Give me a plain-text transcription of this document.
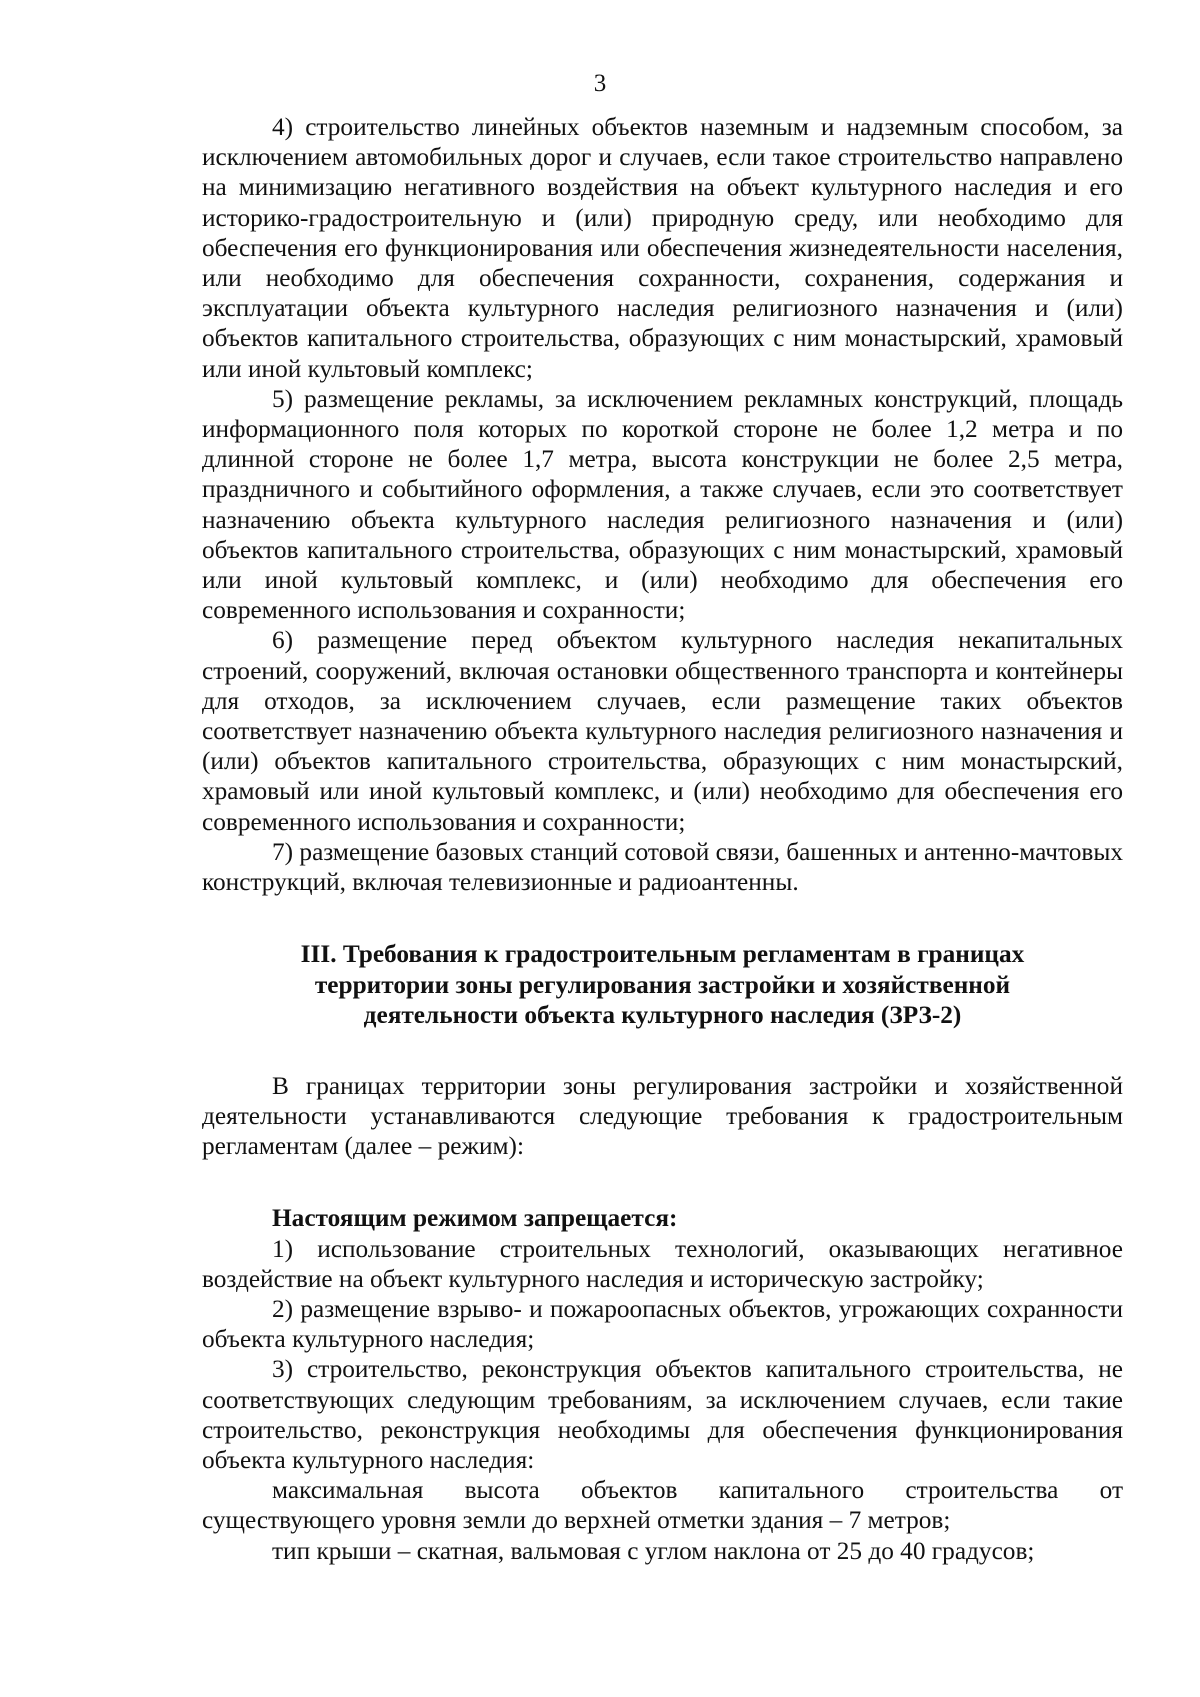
3

4) строительство линейных объектов наземным и надземным способом, за исключением автомобильных дорог и случаев, если такое строительство направлено на минимизацию негативного воздействия на объект культурного наследия и его историко-градостроительную и (или) природную среду, или необходимо для обеспечения его функционирования или обеспечения жизнедеятельности населения, или необходимо для обеспечения сохранности, сохранения, содержания и эксплуатации объекта культурного наследия религиозного назначения и (или) объектов капитального строительства, образующих с ним монастырский, храмовый или иной культовый комплекс;

5) размещение рекламы, за исключением рекламных конструкций, площадь информационного поля которых по короткой стороне не более 1,2 метра и по длинной стороне не более 1,7 метра, высота конструкции не более 2,5 метра, праздничного и событийного оформления, а также случаев, если это соответствует назначению объекта культурного наследия религиозного назначения и (или) объектов капитального строительства, образующих с ним монастырский, храмовый или иной культовый комплекс, и (или) необходимо для обеспечения его современного использования и сохранности;

6) размещение перед объектом культурного наследия некапитальных строений, сооружений, включая остановки общественного транспорта и контейнеры для отходов, за исключением случаев, если размещение таких объектов соответствует назначению объекта культурного наследия религиозного назначения и (или) объектов капитального строительства, образующих с ним монастырский, храмовый или иной культовый комплекс, и (или) необходимо для обеспечения его современного использования и сохранности;

7) размещение базовых станций сотовой связи, башенных и антенно-мачтовых конструкций, включая телевизионные и радиоантенны.

III. Требования к градостроительным регламентам в границах
территории зоны регулирования застройки и хозяйственной
деятельности объекта культурного наследия (ЗРЗ-2)

В границах территории зоны регулирования застройки и хозяйственной деятельности устанавливаются следующие требования к градостроительным регламентам (далее – режим):

Настоящим режимом запрещается:

1) использование строительных технологий, оказывающих негативное воздействие на объект культурного наследия и историческую застройку;

2) размещение взрыво- и пожароопасных объектов, угрожающих сохранности объекта культурного наследия;

3) строительство, реконструкция объектов капитального строительства, не соответствующих следующим требованиям, за исключением случаев, если такие строительство, реконструкция необходимы для обеспечения функционирования объекта культурного наследия:

максимальная высота объектов капитального строительства от существующего уровня земли до верхней отметки здания – 7 метров;

тип крыши – скатная, вальмовая с углом наклона от 25 до 40 градусов;
